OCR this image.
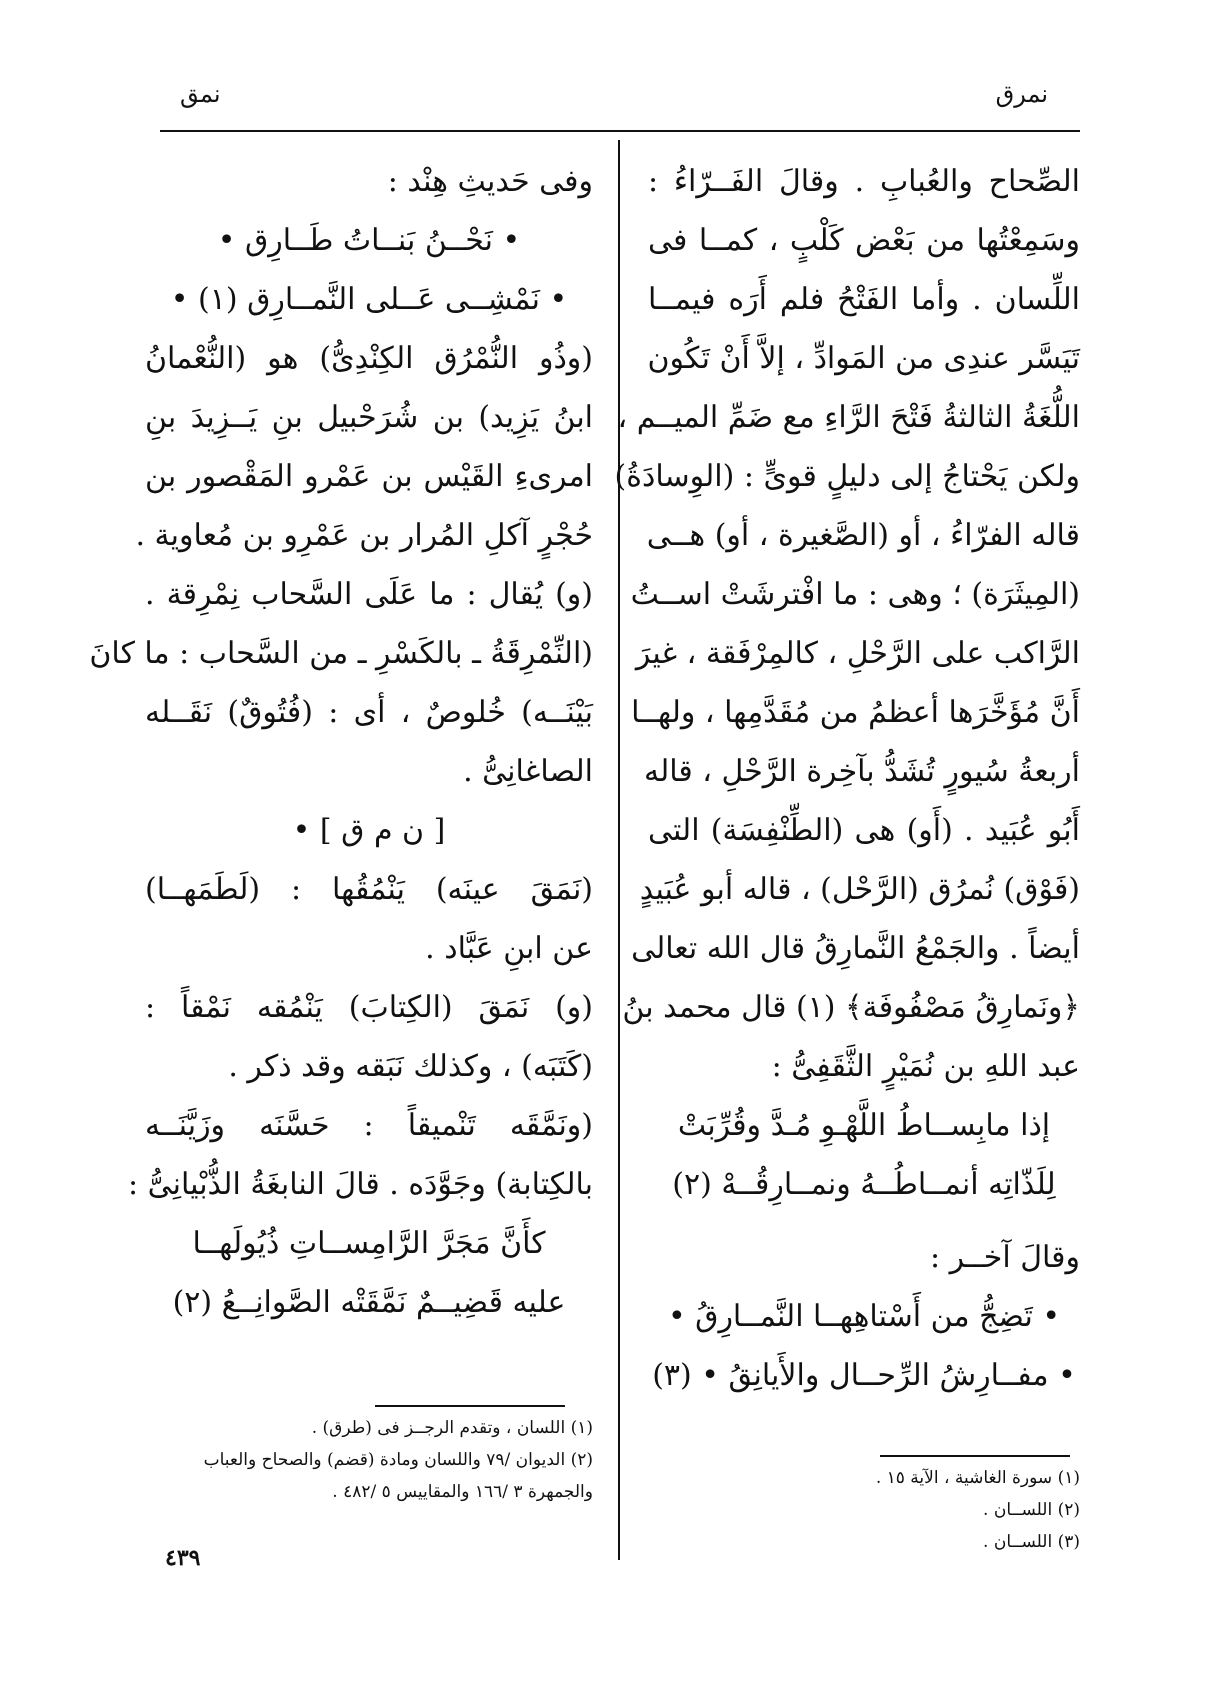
نمرق
نمق
الصِّحاح والعُبابِ . وقالَ الفَــرّاءُ :
وسَمِعْتُها من بَعْض كَلْبٍ ، كمــا فى
اللِّسان . وأما الفَتْحُ فلم أَرَه فيمــا
تَيَسَّر عندِى من المَوادِّ ، إلاَّ أَنْ تَكُون
اللُّغَةُ الثالثةُ فَتْحَ الرَّاءِ مع ضَمِّ الميــم ،
ولكن يَحْتاجُ إلى دليلٍ قوىٍّ : (الوِسادَةُ)
قاله الفرّاءُ ، أو (الصَّغيرة ، أو) هــى
(المِيثَرَة) ؛ وهى : ما افْترشَتْ اســتُ
الرَّاكب على الرَّحْلِ ، كالمِرْفَقة ، غيرَ
أَنَّ مُؤَخَّرَها أعظمُ من مُقَدَّمِها ، ولهــا
أربعةُ سُيورٍ تُشَدُّ بآخِرة الرَّحْلِ ، قاله
أَبُو عُبَيد . (أَو) هى (الطِّنْفِسَة) التى
(فَوْق) نُمرُق (الرَّحْل) ، قاله أبو عُبَيدٍ
أيضاً . والجَمْعُ النَّمارِقُ قال الله تعالى
﴿ونَمارِقُ مَصْفُوفَة﴾ (١) قال محمد بنُ
عبد اللهِ بن نُمَيْرٍ الثَّقَفِىُّ :
إذا مابِســاطُ اللَّهْـوِ مُـدَّ وقُرِّبَتْ
لِلَذّاتِه أنمــاطُــهُ ونمــارِقُــهْ (٢)
وقالَ آخــر :
• تَضِجُّ من أَسْتاهِهــا النَّمــارِقُ •
• مفــارِشُ الرِّحــال والأَيانِقُ • (٣)
(١) سورة الغاشية ، الآية ١٥ .
(٢) اللســان .
(٣) اللســان .
وفى حَديثِ هِنْد :
• نَحْــنُ بَنــاتُ طَــارِق •
• نَمْشِــى عَــلى النَّمــارِق (١) •
(وذُو النُّمْرُق الكِنْدِىُّ) هو (النُّعْمانُ
ابنُ يَزِيد) بن شُرَحْبيل بنِ يَــزِيدَ بنِ
امرىءِ القَيْس بن عَمْرو المَقْصور بن
حُجْرٍ آكلِ المُرار بن عَمْرِو بن مُعاوية .
(و) يُقال : ما عَلَى السَّحاب نِمْرِقة .
(النِّمْرِقَةُ ـ بالكَسْرِ ـ من السَّحاب : ما كانَ
بَيْنَــه) خُلوصٌ ، أى : (فُتُوقٌ) نَقَــله
الصاغانِىُّ .
[ ن م ق ] •
(نَمَقَ عينَه) يَنْمُقُها : (لَطَمَهــا)
عن ابنِ عَبَّاد .
(و) نَمَقَ (الكِتابَ) يَنْمُقه نَمْقاً :
(كَتَبَه) ، وكذلك نَبَقه وقد ذكر .
(ونَمَّقَه تَنْميقاً : حَسَّنَه وزَيَّنَــه
بالكِتابة) وجَوَّدَه . قالَ النابغَةُ الذُّبْيانِىُّ :
كأَنَّ مَجَرَّ الرَّامِســاتِ ذُيُولَهــا
عليه قَضِيــمٌ نَمَّقَتْه الصَّوانِــعُ (٢)
(١) اللسان ، وتقدم الرجــز فى (طرق) .
(٢) الديوان /٧٩ واللسان ومادة (قضم) والصحاح والعباب
والجمهرة ٣ /١٦٦ والمقاييس ٥ /٤٨٢ .
٤٣٩
